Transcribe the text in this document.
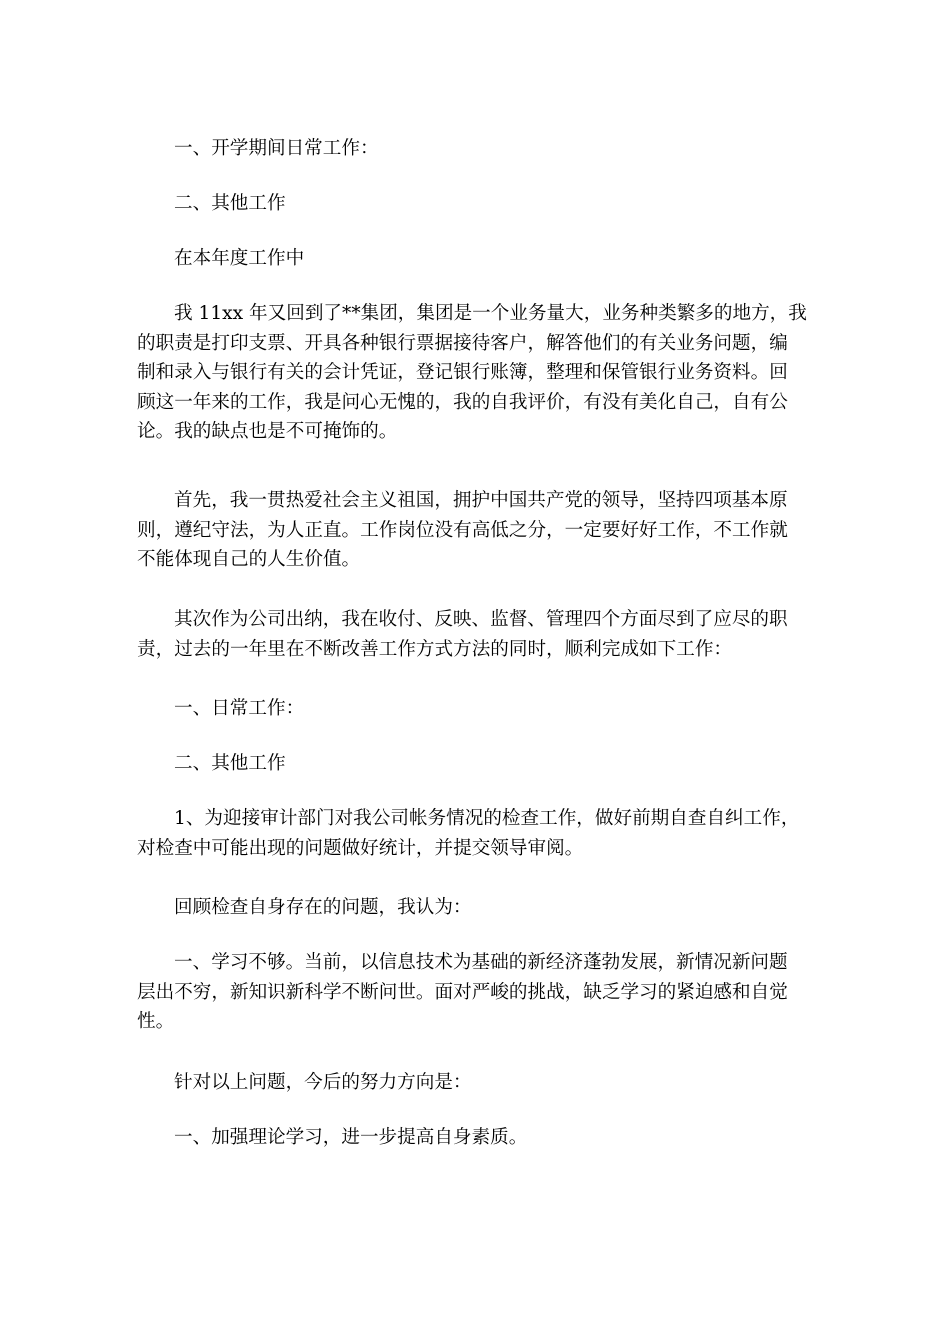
一、开学期间日常工作：

二、其他工作

在本年度工作中

我 11xx 年又回到了**集团，集团是一个业务量大，业务种类繁多的地方，我
的职责是打印支票、开具各种银行票据接待客户，解答他们的有关业务问题，编
制和录入与银行有关的会计凭证，登记银行账簿，整理和保管银行业务资料。回
顾这一年来的工作，我是问心无愧的，我的自我评价，有没有美化自己，自有公
论。我的缺点也是不可掩饰的。

首先，我一贯热爱社会主义祖国，拥护中国共产党的领导，坚持四项基本原
则，遵纪守法，为人正直。工作岗位没有高低之分，一定要好好工作，不工作就
不能体现自己的人生价值。

其次作为公司出纳，我在收付、反映、监督、管理四个方面尽到了应尽的职
责，过去的一年里在不断改善工作方式方法的同时，顺利完成如下工作：

一、日常工作：

二、其他工作

1、为迎接审计部门对我公司帐务情况的检查工作，做好前期自查自纠工作，
对检查中可能出现的问题做好统计，并提交领导审阅。

回顾检查自身存在的问题，我认为：

一、学习不够。当前，以信息技术为基础的新经济蓬勃发展，新情况新问题
层出不穷，新知识新科学不断问世。面对严峻的挑战，缺乏学习的紧迫感和自觉
性。

针对以上问题，今后的努力方向是：

一、加强理论学习，进一步提高自身素质。
